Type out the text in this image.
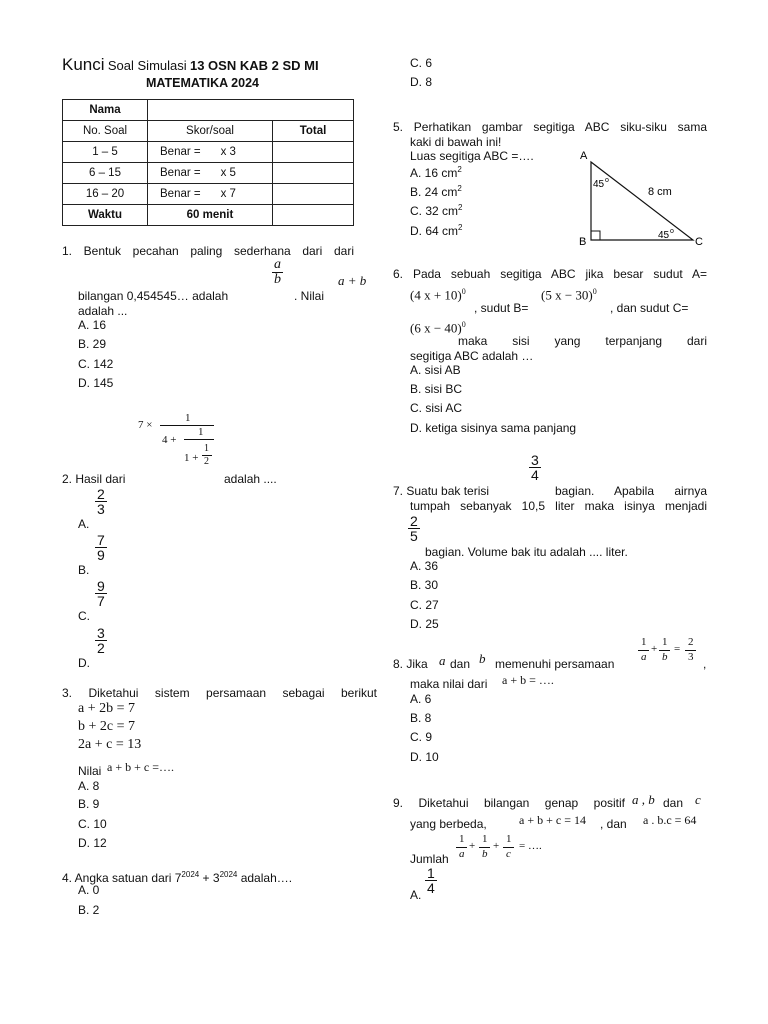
Kunci Soal Simulasi 13 OSN KAB 2 SD MI
MATEMATIKA 2024
Nama		
No. Soal	Skor/soal	Total
1 – 5	Benar = x 3	
6 – 15	Benar = x 5	
16 – 20	Benar = x 7	
Waktu	60 menit	
1. Bentuk pecahan paling sederhana dari dari
$\frac{a}{b}$	a + b
bilangan 0,454545… adalah	. Nilai
adalah ...
A. 16
B. 29
C. 142
D. 145
7 ×
1
4 +
1
1 +
1
2
2. Hasil dari	adalah ....
$\frac{2}{3}$
A.
$\frac{7}{9}$
B.
$\frac{9}{7}$
C.
$\frac{3}{2}$
D.
3. Diketahui sistem persamaan sebagai berikut
a + 2b = 7
b + 2c = 7
2a + c = 13
Nilai a + b + c =….
A. 8
B. 9
C. 10
D. 12
4. Angka satuan dari $7^{2024} + 3^{2024}$ adalah….
A. 0
B. 2
C. 6
D. 8
5. Perhatikan gambar segitiga ABC siku-siku sama
kaki di bawah ini!
Luas segitiga ABC =….
A. 16 $cm^2$
B. 24 $cm^2$
C. 32 $cm^2$
D. 64 $cm^2$
A
B	C
45 o
45 o
8 cm
6. Pada sebuah segitiga ABC jika besar sudut A=
(4 x + 10)$^0$	(5 x − 30)$^0$
, sudut B=	, dan sudut C=
(6 x − 40)$^0$
maka sisi yang terpanjang dari
segitiga ABC adalah …
A. sisi AB
B. sisi BC
C. sisi AC
D. ketiga sisinya sama panjang
$\frac{3}{4}$
7. Suatu bak terisi	bagian. Apabila airnya
tumpah sebanyak 10,5 liter maka isinya menjadi
$\frac{2}{5}$
bagian. Volume bak itu adalah .... liter.
A. 36
B. 30
C. 27
D. 25
8. Jika a dan b memenuhi persamaan
1
a
+
1
b
=
2
3 ,
maka nilai dari a + b = ….
A. 6
B. 8
C. 9
D. 10
9. Diketahui bilangan genap positif a , b dan c
yang berbeda,	a + b + c = 14 , dan a . b.c = 64
Jumlah
1
a
+
1
b
+
1
c
= ….
$\frac{1}{4}$
A.
